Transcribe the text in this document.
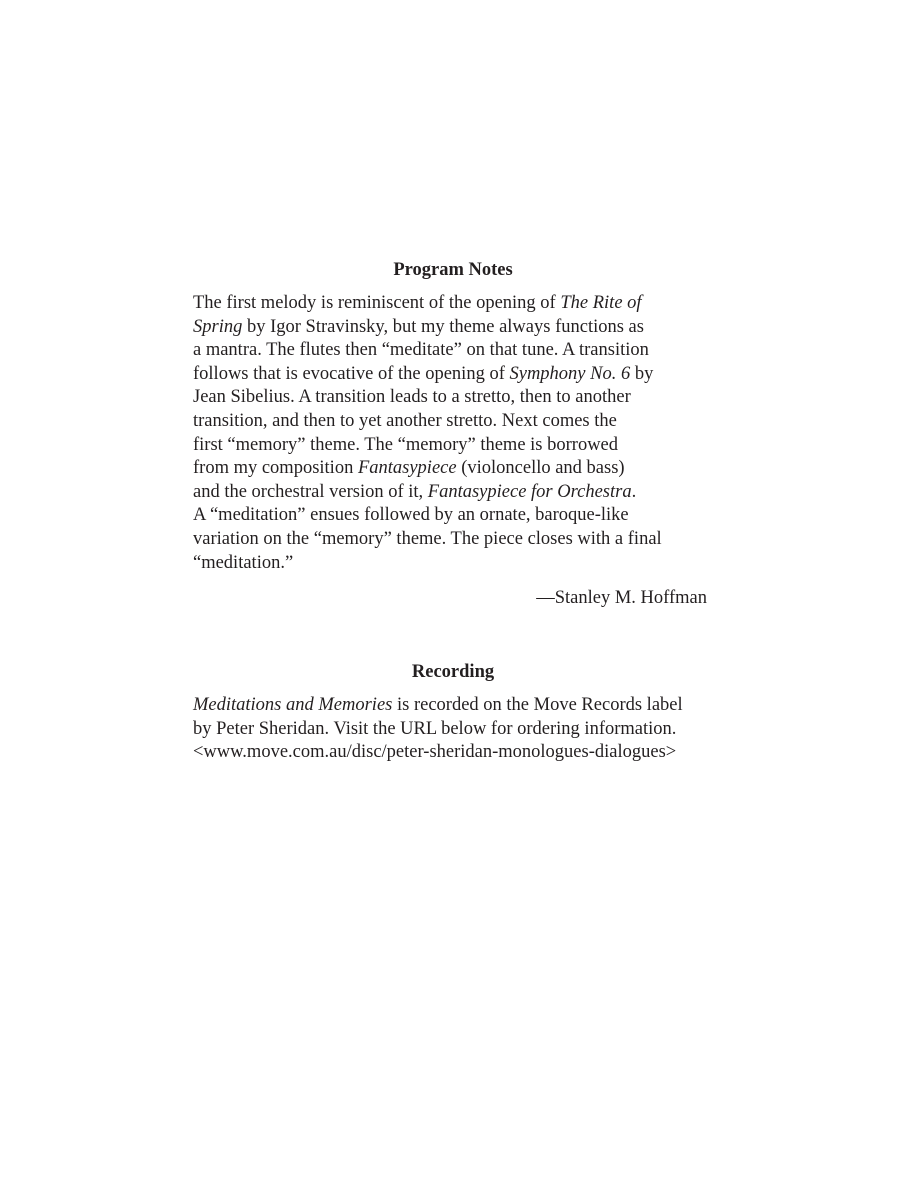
Program Notes
The first melody is reminiscent of the opening of The Rite of
Spring by Igor Stravinsky, but my theme always functions as
a mantra. The flutes then “meditate” on that tune. A transition
follows that is evocative of the opening of Symphony No. 6 by
Jean Sibelius. A transition leads to a stretto, then to another
transition, and then to yet another stretto. Next comes the
first “memory” theme. The “memory” theme is borrowed
from my composition Fantasypiece (violoncello and bass)
and the orchestral version of it, Fantasypiece for Orchestra.
A “meditation” ensues followed by an ornate, baroque-like
variation on the “memory” theme. The piece closes with a final
“meditation.”
—Stanley M. Hoffman
Recording
Meditations and Memories is recorded on the Move Records label
by Peter Sheridan. Visit the URL below for ordering information.
<www.move.com.au/disc/peter-sheridan-monologues-dialogues>
